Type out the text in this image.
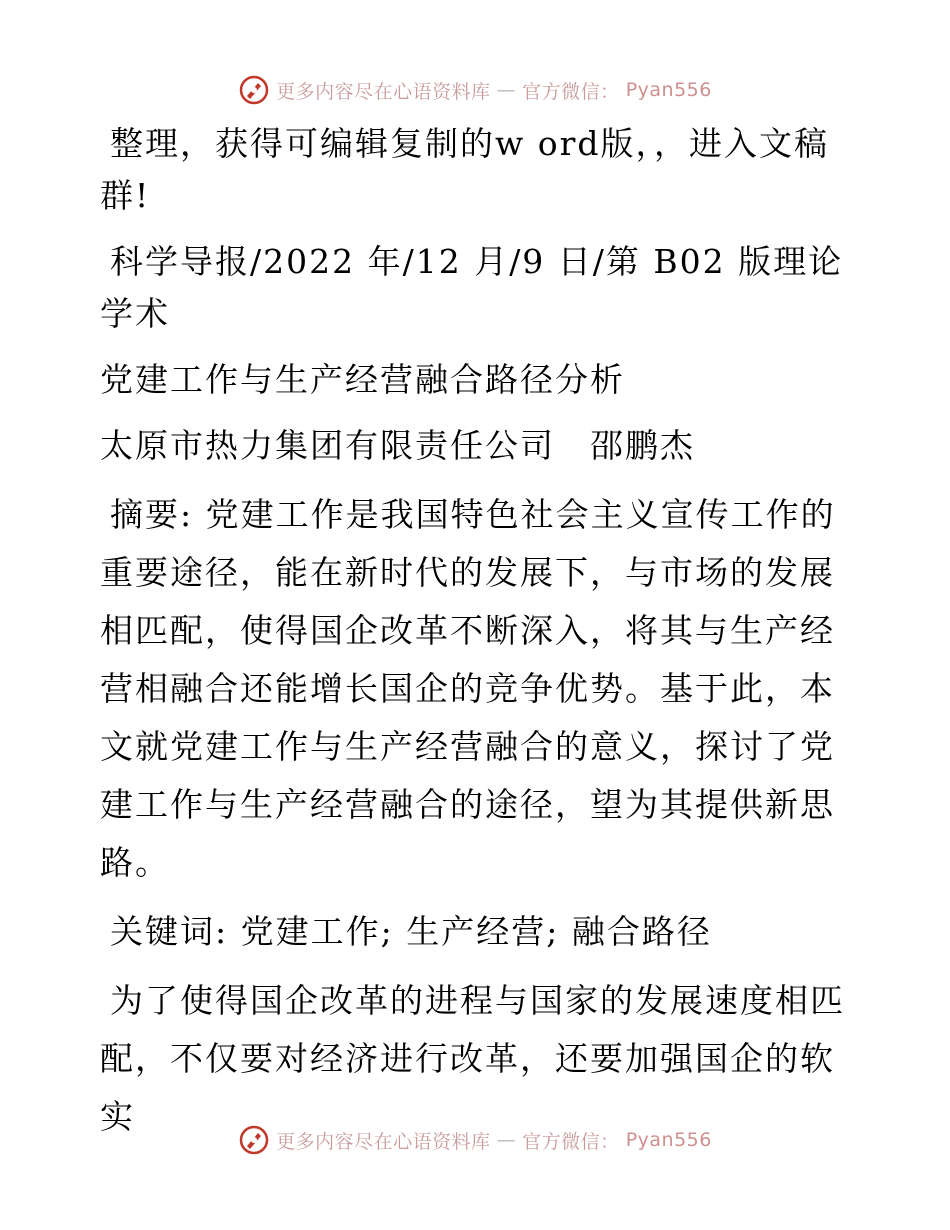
更多内容尽在心语资料库 — 官方微信： Pyan556

整理，获得可编辑复制的w ord版，，进入文稿群!

科学导报/2022 年/12 月/9 日/第 B02 版理论学术

党建工作与生产经营融合路径分析

太原市热力集团有限责任公司　邵鹏杰

摘要: 党建工作是我国特色社会主义宣传工作的重要途径，能在新时代的发展下，与市场的发展相匹配，使得国企改革不断深入，将其与生产经营相融合还能增长国企的竞争优势。基于此，本文就党建工作与生产经营融合的意义，探讨了党建工作与生产经营融合的途径，望为其提供新思路。

关键词: 党建工作; 生产经营; 融合路径

为了使得国企改革的进程与国家的发展速度相匹配，不仅要对经济进行改革，还要加强国企的软实

更多内容尽在心语资料库 — 官方微信： Pyan556
